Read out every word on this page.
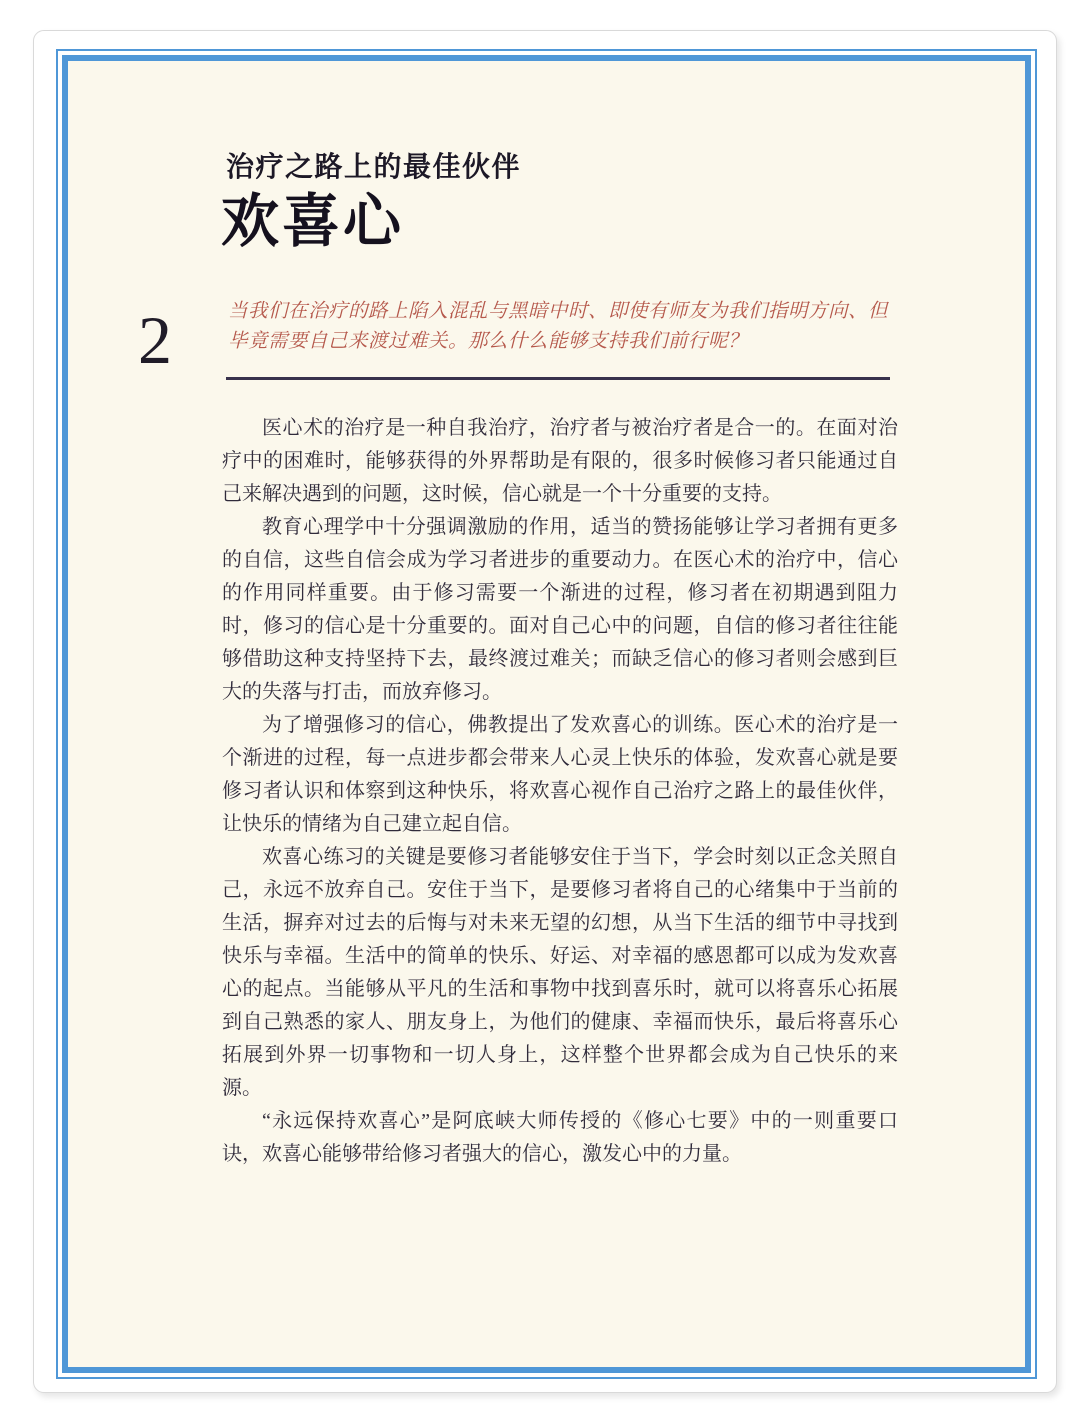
2
治疗之路上的最佳伙伴
欢喜心
当我们在治疗的路上陷入混乱与黑暗中时、即使有师友为我们指明方向、但毕竟需要自己来渡过难关。那么什么能够支持我们前行呢？

医心术的治疗是一种自我治疗，治疗者与被治疗者是合一的。在面对治疗中的困难时，能够获得的外界帮助是有限的，很多时候修习者只能通过自己来解决遇到的问题，这时候，信心就是一个十分重要的支持。

教育心理学中十分强调激励的作用，适当的赞扬能够让学习者拥有更多的自信，这些自信会成为学习者进步的重要动力。在医心术的治疗中，信心的作用同样重要。由于修习需要一个渐进的过程，修习者在初期遇到阻力时，修习的信心是十分重要的。面对自己心中的问题，自信的修习者往往能够借助这种支持坚持下去，最终渡过难关；而缺乏信心的修习者则会感到巨大的失落与打击，而放弃修习。

为了增强修习的信心，佛教提出了发欢喜心的训练。医心术的治疗是一个渐进的过程，每一点进步都会带来人心灵上快乐的体验，发欢喜心就是要修习者认识和体察到这种快乐，将欢喜心视作自己治疗之路上的最佳伙伴，让快乐的情绪为自己建立起自信。

欢喜心练习的关键是要修习者能够安住于当下，学会时刻以正念关照自己，永远不放弃自己。安住于当下，是要修习者将自己的心绪集中于当前的生活，摒弃对过去的后悔与对未来无望的幻想，从当下生活的细节中寻找到快乐与幸福。生活中的简单的快乐、好运、对幸福的感恩都可以成为发欢喜心的起点。当能够从平凡的生活和事物中找到喜乐时，就可以将喜乐心拓展到自己熟悉的家人、朋友身上，为他们的健康、幸福而快乐，最后将喜乐心拓展到外界一切事物和一切人身上，这样整个世界都会成为自己快乐的来源。

“永远保持欢喜心”是阿底峡大师传授的《修心七要》中的一则重要口诀，欢喜心能够带给修习者强大的信心，激发心中的力量。
